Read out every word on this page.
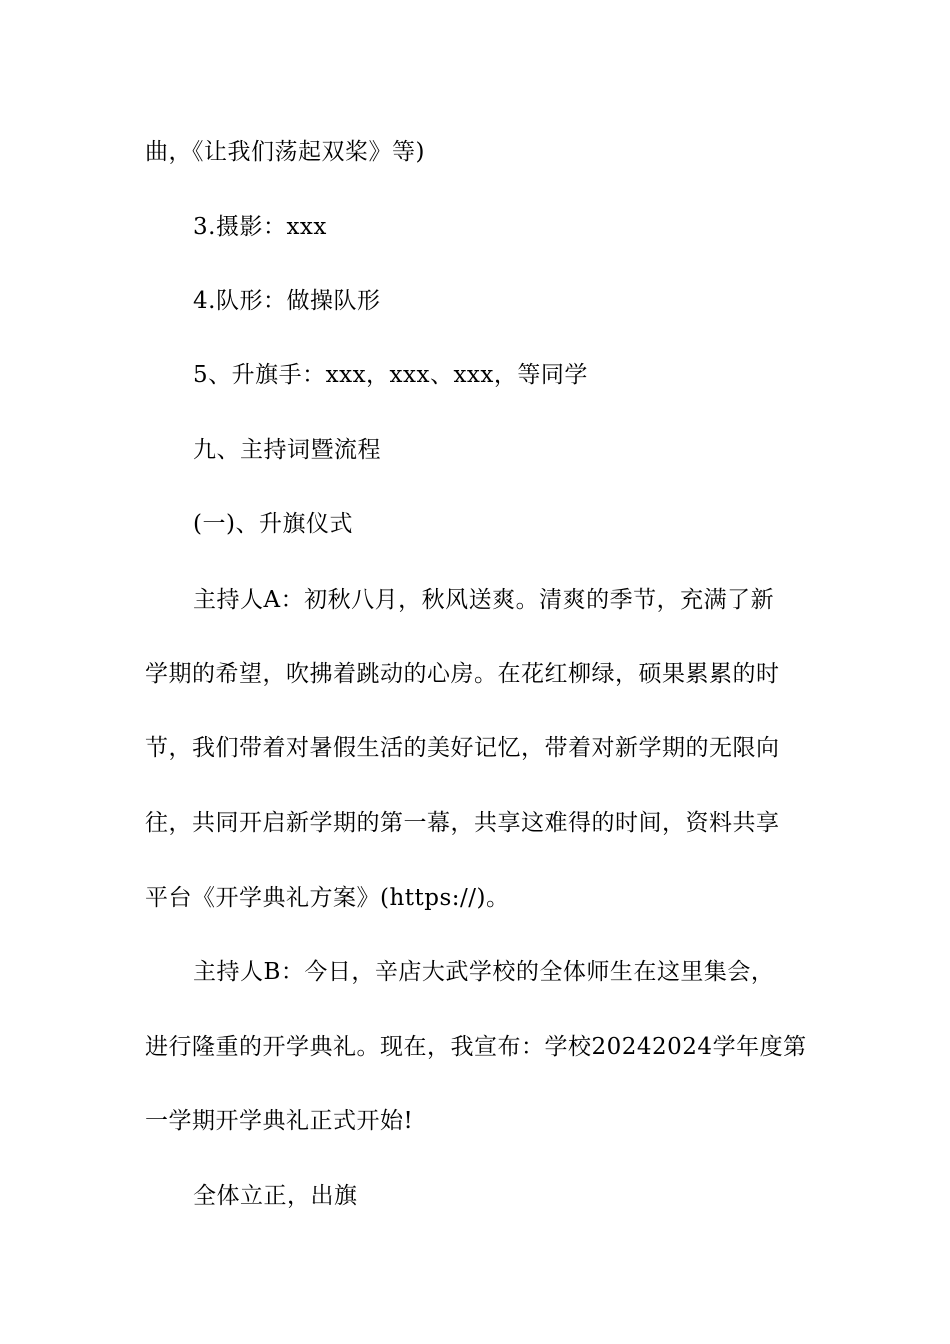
曲，《让我们荡起双桨》等)
3.摄影：xxx
4.队形：做操队形
5、升旗手：xxx，xxx、xxx，等同学
九、主持词暨流程
(一)、升旗仪式
主持人A：初秋八月，秋风送爽。清爽的季节，充满了新
学期的希望，吹拂着跳动的心房。在花红柳绿，硕果累累的时
节，我们带着对暑假生活的美好记忆，带着对新学期的无限向
往，共同开启新学期的第一幕，共享这难得的时间，资料共享
平台《开学典礼方案》(https://)。
主持人B：今日，辛店大武学校的全体师生在这里集会，
进行隆重的开学典礼。现在，我宣布：学校20242024学年度第
一学期开学典礼正式开始!
全体立正，出旗
